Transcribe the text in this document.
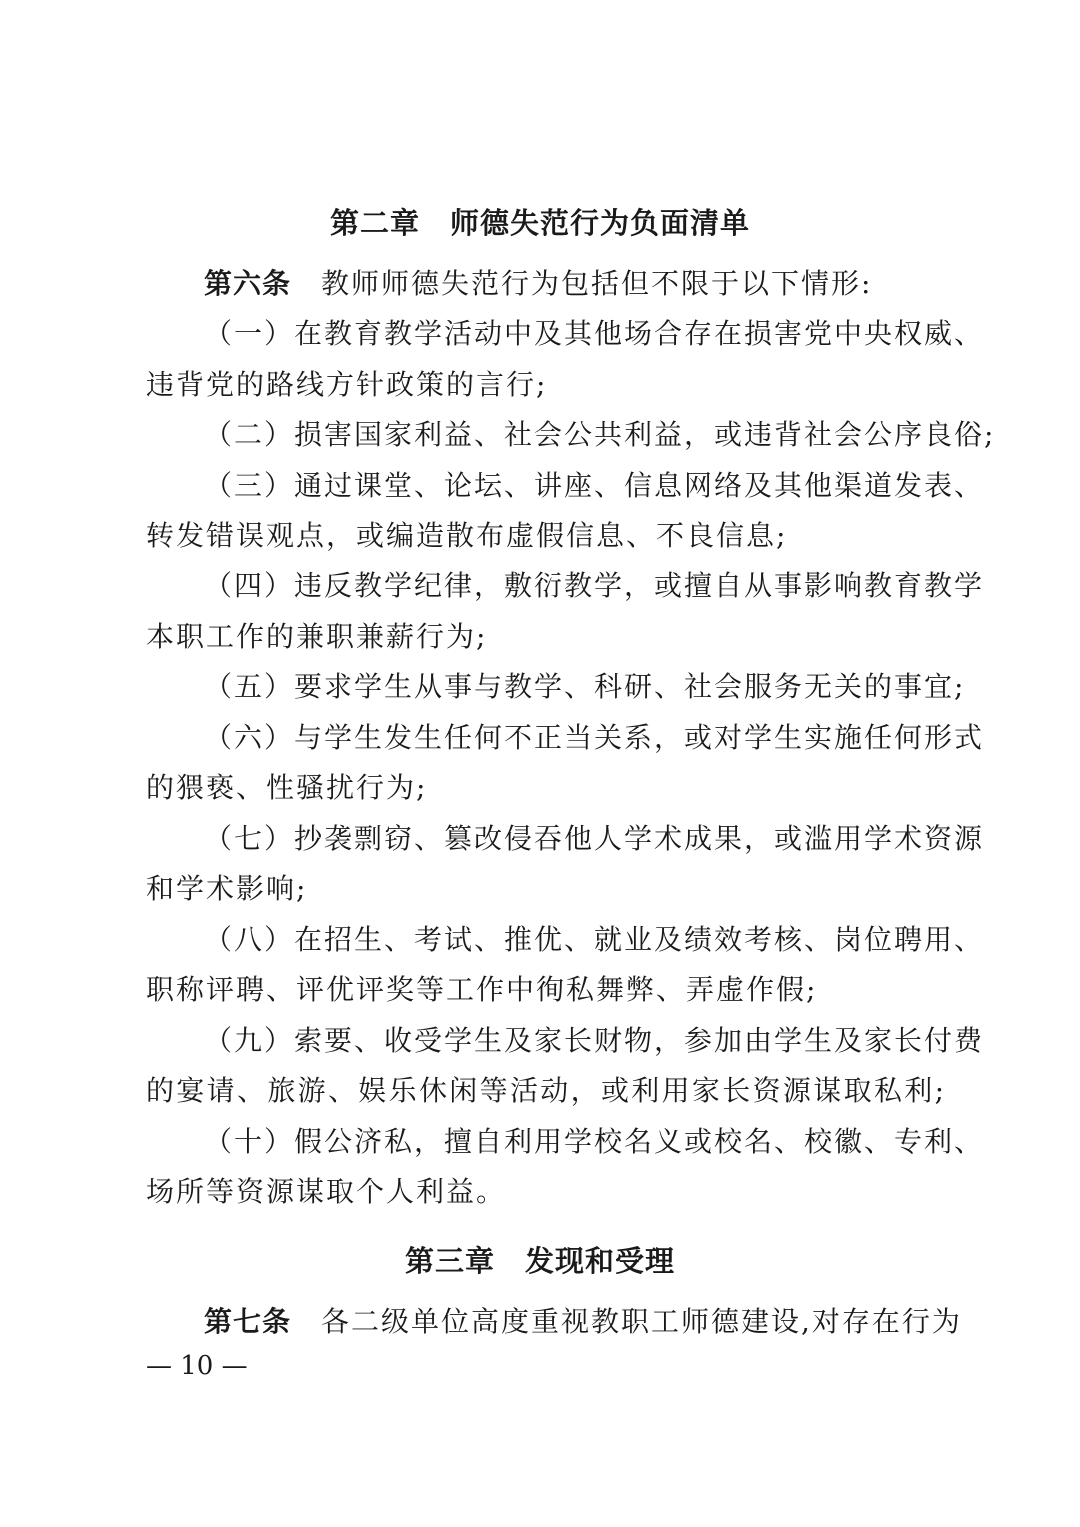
第二章　师德失范行为负面清单
第六条 教师师德失范行为包括但不限于以下情形:
（一）在教育教学活动中及其他场合存在损害党中央权威、
违背党的路线方针政策的言行;
（二）损害国家利益、社会公共利益，或违背社会公序良俗;
（三）通过课堂、论坛、讲座、信息网络及其他渠道发表、
转发错误观点，或编造散布虚假信息、不良信息;
（四）违反教学纪律，敷衍教学，或擅自从事影响教育教学
本职工作的兼职兼薪行为;
（五）要求学生从事与教学、科研、社会服务无关的事宜;
（六）与学生发生任何不正当关系，或对学生实施任何形式
的猥亵、性骚扰行为;
（七）抄袭剽窃、篡改侵吞他人学术成果，或滥用学术资源
和学术影响;
（八）在招生、考试、推优、就业及绩效考核、岗位聘用、
职称评聘、评优评奖等工作中徇私舞弊、弄虚作假;
（九）索要、收受学生及家长财物，参加由学生及家长付费
的宴请、旅游、娱乐休闲等活动，或利用家长资源谋取私利;
（十）假公济私，擅自利用学校名义或校名、校徽、专利、
场所等资源谋取个人利益。
第三章　发现和受理
第七条 各二级单位高度重视教职工师德建设,对存在行为
— 10 —
